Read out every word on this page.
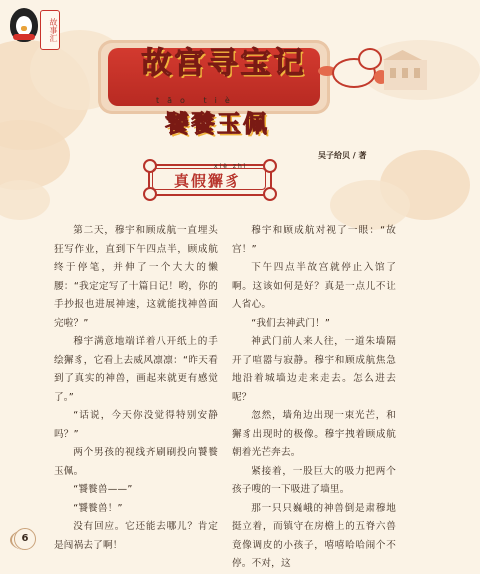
故事汇
故宫寻宝记
tāo tiè
饕餮玉佩
吴子给贝 / 著
xiè zhì
真假獬豸

第二天，穆宇和顾成航一直埋头狂写作业，直到下午四点半，顾成航终于停笔，并伸了一个大大的懒腰：“我定定写了十篇日记！哟，你的手抄报也进展神速，这就能找神兽面完啦？”

穆宇满意地端详着八开纸上的手绘獬豸，它看上去威风凛凛：“昨天看到了真实的神兽，画起来就更有感觉了。”

“话说，今天你没觉得特别安静吗？”

两个男孩的视线齐刷刷投向饕餮玉佩。

“饕餮兽——”

“饕餮兽！”

没有回应。它还能去哪儿？肯定是闯祸去了啊！

穆宇和顾成航对视了一眼：“故宫！”

下午四点半故宫就停止入馆了啊。这该如何是好？真是一点儿不让人省心。

“我们去神武门！”

神武门前人来人往，一道朱墙隔开了喧嚣与寂静。穆宇和顾成航焦急地沿着城墙边走来走去。怎么进去呢？

忽然，墙角边出现一束光芒，和獬豸出现时的极像。穆宇拽着顾成航朝着光芒奔去。

紧接着，一股巨大的吸力把两个孩子嗖的一下吸进了墙里。

那一只只巍峨的神兽倒是肃穆地挺立着，而镇守在房檐上的五脊六兽竟像调皮的小孩子，嘻嘻哈哈闹个不停。不对，这

6
